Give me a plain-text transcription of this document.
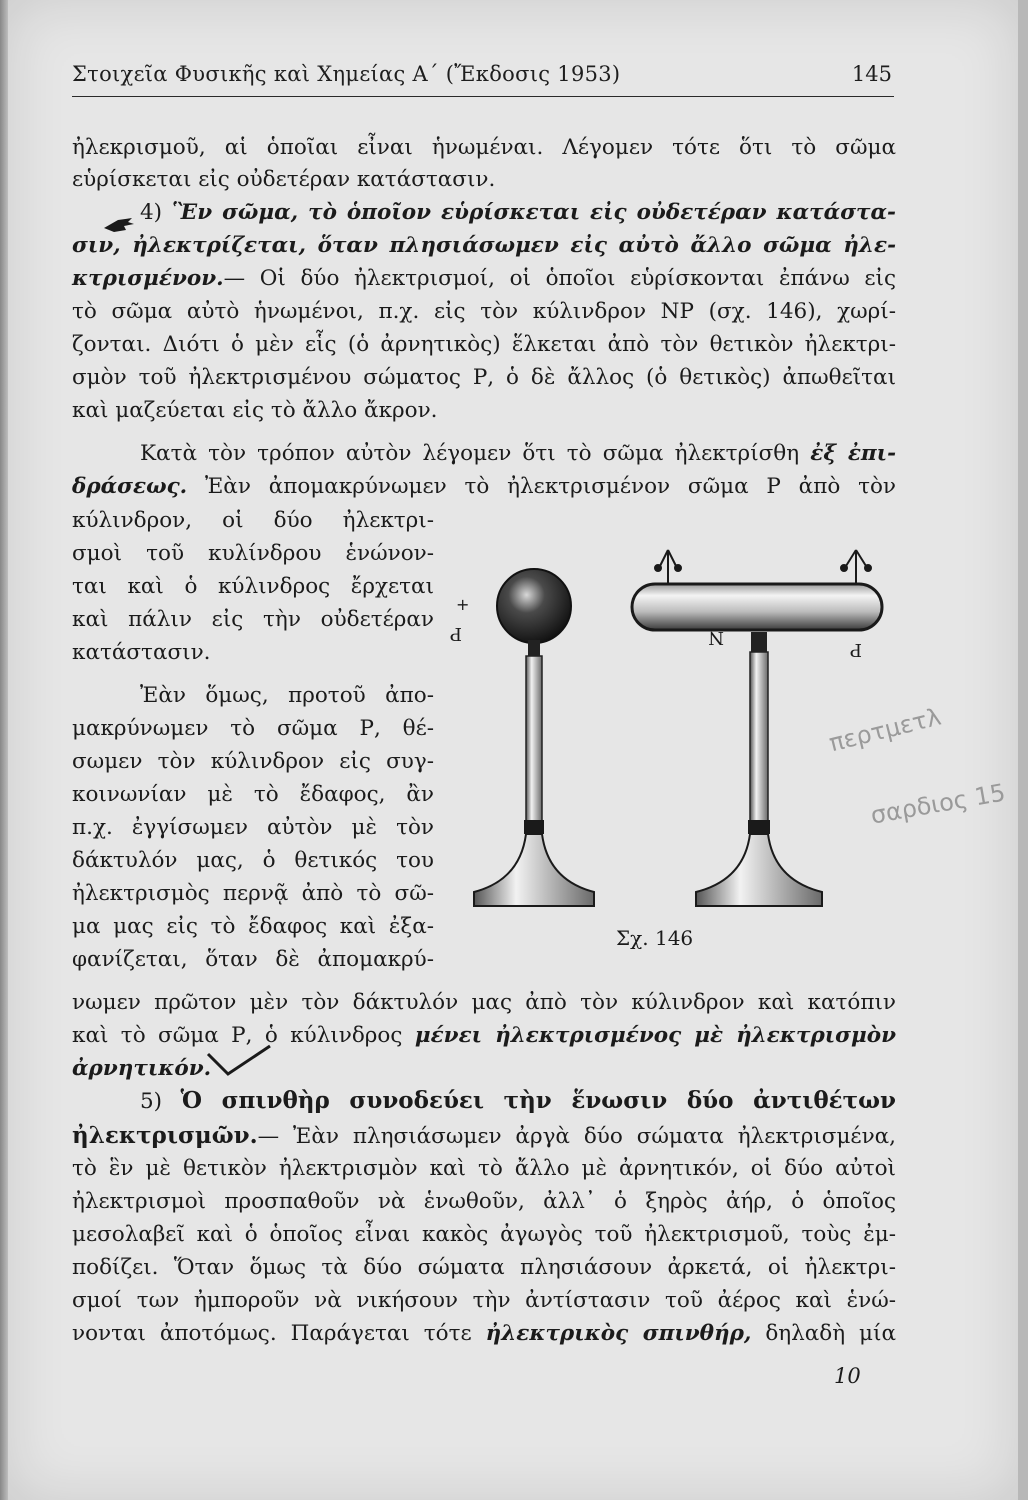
Στοιχεῖα Φυσικῆς καὶ Χημείας Α΄ (Ἔκδοσις 1953)	145
ἠλεκρισμοῦ, αἱ ὁποῖαι εἶναι ἡνωμέναι. Λέγομεν τότε ὅτι τὸ σῶμα
εὑρίσκεται εἰς οὐδετέραν κατάστασιν.
4) Ἓν σῶμα, τὸ ὁποῖον εὑρίσκεται εἰς οὐδετέραν κατάστα-
σιν, ἠλεκτρίζεται, ὅταν πλησιάσωμεν εἰς αὐτὸ ἄλλο σῶμα ἠλε-
κτρισμένον.— Οἱ δύο ἠλεκτρισμοί, οἱ ὁποῖοι εὑρίσκονται ἐπάνω εἰς
τὸ σῶμα αὐτὸ ἡνωμένοι, π.χ. εἰς τὸν κύλινδρον ΝΡ (σχ. 146), χωρί-
ζονται. Διότι ὁ μὲν εἷς (ὁ ἀρνητικὸς) ἕλκεται ἀπὸ τὸν θετικὸν ἠλεκτρι-
σμὸν τοῦ ἠλεκτρισμένου σώματος Ρ, ὁ δὲ ἄλλος (ὁ θετικὸς) ἀπωθεῖται
καὶ μαζεύεται εἰς τὸ ἄλλο ἄκρον.
Κατὰ τὸν τρόπον αὐτὸν λέγομεν ὅτι τὸ σῶμα ἠλεκτρίσθη ἐξ ἐπι-
δράσεως. Ἐὰν ἀπομακρύνωμεν τὸ ἠλεκτρισμένον σῶμα Ρ ἀπὸ τὸν
κύλινδρον, οἱ δύο ἠλεκτρι-
σμοὶ τοῦ κυλίνδρου ἑνώνον-
ται καὶ ὁ κύλινδρος ἔρχεται
καὶ πάλιν εἰς τὴν οὐδετέραν
κατάστασιν.
Ἐὰν ὅμως, προτοῦ ἀπο-
μακρύνωμεν τὸ σῶμα Ρ, θέ-
σωμεν τὸν κύλινδρον εἰς συγ-
κοινωνίαν μὲ τὸ ἔδαφος, ἂν
π.χ. ἐγγίσωμεν αὐτὸν μὲ τὸν
δάκτυλόν μας, ὁ θετικός του
ἠλεκτρισμὸς περνᾷ ἀπὸ τὸ σῶ-
μα μας εἰς τὸ ἔδαφος καὶ ἐξα-
φανίζεται, ὅταν δὲ ἀπομακρύ-
Ρ
+
Ν
Ρ
Σχ. 146
νωμεν πρῶτον μὲν τὸν δάκτυλόν μας ἀπὸ τὸν κύλινδρον καὶ κατόπιν
καὶ τὸ σῶμα Ρ, ὁ κύλινδρος μένει ἠλεκτρισμένος μὲ ἠλεκτρισμὸν
ἀρνητικόν.
5) Ὁ σπινθὴρ συνοδεύει τὴν ἕνωσιν δύο ἀντιθέτων
ἠλεκτρισμῶν.— Ἐὰν πλησιάσωμεν ἀργὰ δύο σώματα ἠλεκτρισμένα,
τὸ ἓν μὲ θετικὸν ἠλεκτρισμὸν καὶ τὸ ἄλλο μὲ ἀρνητικόν, οἱ δύο αὐτοὶ
ἠλεκτρισμοὶ προσπαθοῦν νὰ ἑνωθοῦν, ἀλλ᾿ ὁ ξηρὸς ἀήρ, ὁ ὁποῖος
μεσολαβεῖ καὶ ὁ ὁποῖος εἶναι κακὸς ἀγωγὸς τοῦ ἠλεκτρισμοῦ, τοὺς ἐμ-
ποδίζει. Ὅταν ὅμως τὰ δύο σώματα πλησιάσουν ἀρκετά, οἱ ἠλεκτρι-
σμοί των ἠμποροῦν νὰ νικήσουν τὴν ἀντίστασιν τοῦ ἀέρος καὶ ἑνώ-
νονται ἀποτόμως. Παράγεται τότε ἠλεκτρικὸς σπινθήρ, δηλαδὴ μία
10
περτμετλ
σαρδιος 15
